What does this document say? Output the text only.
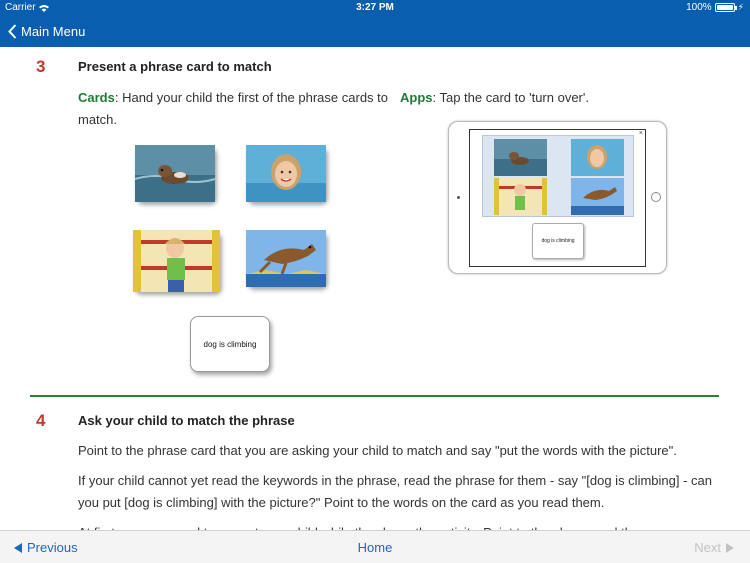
Carrier	3:27 PM	100%	⚡
Main Menu
3	Present a phrase card to match
Cards: Hand your child the first of the phrase cards to match.
Apps: Tap the card to 'turn over'.
dog is climbing
×
dog is climbing
4	Ask your child to match the phrase
Point to the phrase card that you are asking your child to match and say "put the words with the picture".
If your child cannot yet read the keywords in the phrase, read the phrase for them - say "[dog is climbing] - can you put [dog is climbing] with the picture?" Point to the words on the card as you read them.
Previous	Home	Next
